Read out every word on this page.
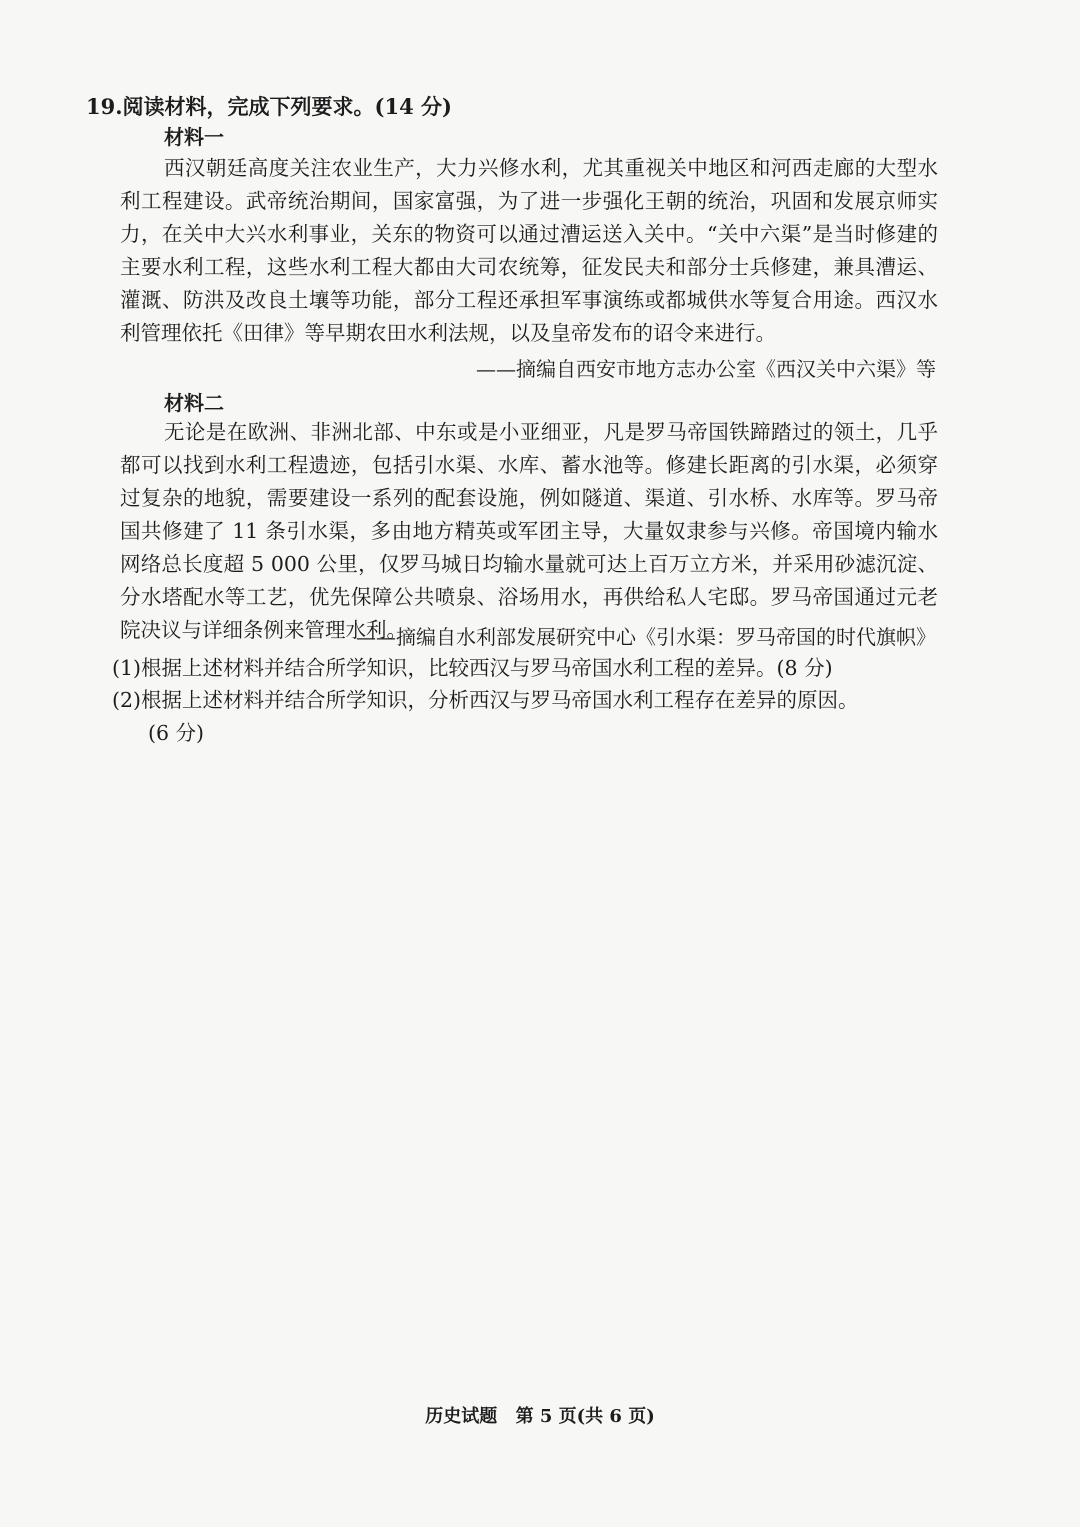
19.阅读材料，完成下列要求。(14 分)
材料一

西汉朝廷高度关注农业生产，大力兴修水利，尤其重视关中地区和河西走廊的大型水利工程建设。武帝统治期间，国家富强，为了进一步强化王朝的统治，巩固和发展京师实力，在关中大兴水利事业，关东的物资可以通过漕运送入关中。“关中六渠”是当时修建的主要水利工程，这些水利工程大都由大司农统筹，征发民夫和部分士兵修建，兼具漕运、灌溉、防洪及改良土壤等功能，部分工程还承担军事演练或都城供水等复合用途。西汉水利管理依托《田律》等早期农田水利法规，以及皇帝发布的诏令来进行。

——摘编自西安市地方志办公室《西汉关中六渠》等
材料二

无论是在欧洲、非洲北部、中东或是小亚细亚，凡是罗马帝国铁蹄踏过的领土，几乎都可以找到水利工程遗迹，包括引水渠、水库、蓄水池等。修建长距离的引水渠，必须穿过复杂的地貌，需要建设一系列的配套设施，例如隧道、渠道、引水桥、水库等。罗马帝国共修建了 11 条引水渠，多由地方精英或军团主导，大量奴隶参与兴修。帝国境内输水网络总长度超 5 000 公里，仅罗马城日均输水量就可达上百万立方米，并采用砂滤沉淀、分水塔配水等工艺，优先保障公共喷泉、浴场用水，再供给私人宅邸。罗马帝国通过元老院决议与详细条例来管理水利。

——摘编自水利部发展研究中心《引水渠：罗马帝国的时代旗帜》

(1)根据上述材料并结合所学知识，比较西汉与罗马帝国水利工程的差异。(8 分)

(2)根据上述材料并结合所学知识，分析西汉与罗马帝国水利工程存在差异的原因。
(6 分)

历史试题 第 5 页(共 6 页)
